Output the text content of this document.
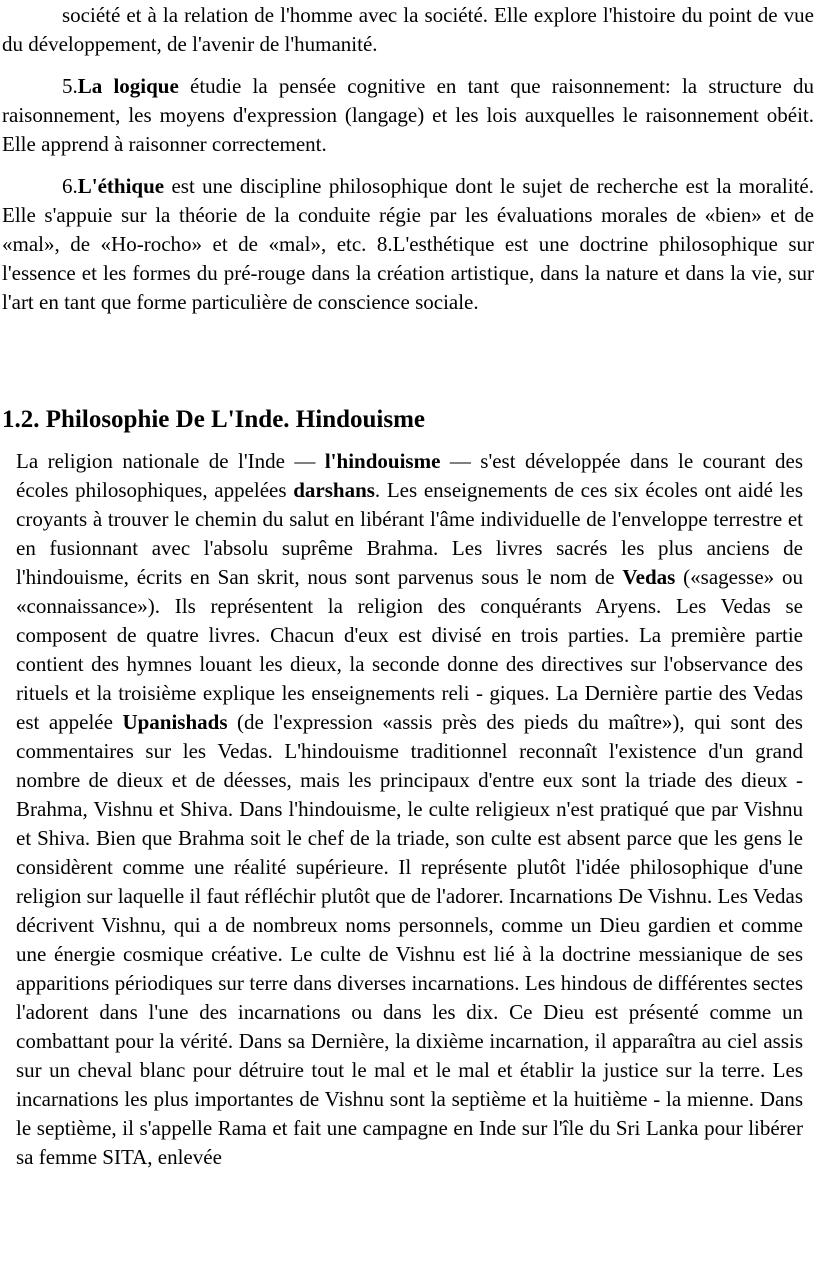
société et à la relation de l'homme avec la société. Elle explore l'histoire du point de vue du développement, de l'avenir de l'humanité.

5.La logique étudie la pensée cognitive en tant que raisonnement: la structure du raisonnement, les moyens d'expression (langage) et les lois auxquelles le raisonnement obéit. Elle apprend à raisonner correctement.

6.L'éthique est une discipline philosophique dont le sujet de recherche est la moralité. Elle s'appuie sur la théorie de la conduite régie par les évaluations morales de «bien» et de «mal», de «Ho-rocho» et de «mal», etc. 8.L'esthétique est une doctrine philosophique sur l'essence et les formes du pré-rouge dans la création artistique, dans la nature et dans la vie, sur l'art en tant que forme particulière de conscience sociale.

1.2. Philosophie De L'Inde. Hindouisme

La religion nationale de l'Inde — l'hindouisme — s'est développée dans le courant des écoles philosophiques, appelées darshans. Les enseignements de ces six écoles ont aidé les croyants à trouver le chemin du salut en libérant l'âme individuelle de l'enveloppe terrestre et en fusionnant avec l'absolu suprême Brahma. Les livres sacrés les plus anciens de l'hindouisme, écrits en San skrit, nous sont parvenus sous le nom de Vedas («sagesse» ou «connaissance»). Ils représentent la religion des conquérants Aryens. Les Vedas se composent de quatre livres. Chacun d'eux est divisé en trois parties. La première partie contient des hymnes louant les dieux, la seconde donne des directives sur l'observance des rituels et la troisième explique les enseignements reli - giques. La Dernière partie des Vedas est appelée Upanishads (de l'expression «assis près des pieds du maître»), qui sont des commentaires sur les Vedas. L'hindouisme traditionnel reconnaît l'existence d'un grand nombre de dieux et de déesses, mais les principaux d'entre eux sont la triade des dieux - Brahma, Vishnu et Shiva. Dans l'hindouisme, le culte religieux n'est pratiqué que par Vishnu et Shiva. Bien que Brahma soit le chef de la triade, son culte est absent parce que les gens le considèrent comme une réalité supérieure. Il représente plutôt l'idée philosophique d'une religion sur laquelle il faut réfléchir plutôt que de l'adorer. Incarnations De Vishnu. Les Vedas décrivent Vishnu, qui a de nombreux noms personnels, comme un Dieu gardien et comme une énergie cosmique créative. Le culte de Vishnu est lié à la doctrine messianique de ses apparitions périodiques sur terre dans diverses incarnations. Les hindous de différentes sectes l'adorent dans l'une des incarnations ou dans les dix. Ce Dieu est présenté comme un combattant pour la vérité. Dans sa Dernière, la dixième incarnation, il apparaîtra au ciel assis sur un cheval blanc pour détruire tout le mal et le mal et établir la justice sur la terre. Les incarnations les plus importantes de Vishnu sont la septième et la huitième - la mienne. Dans le septième, il s'appelle Rama et fait une campagne en Inde sur l'île du Sri Lanka pour libérer sa femme SITA, enlevée
